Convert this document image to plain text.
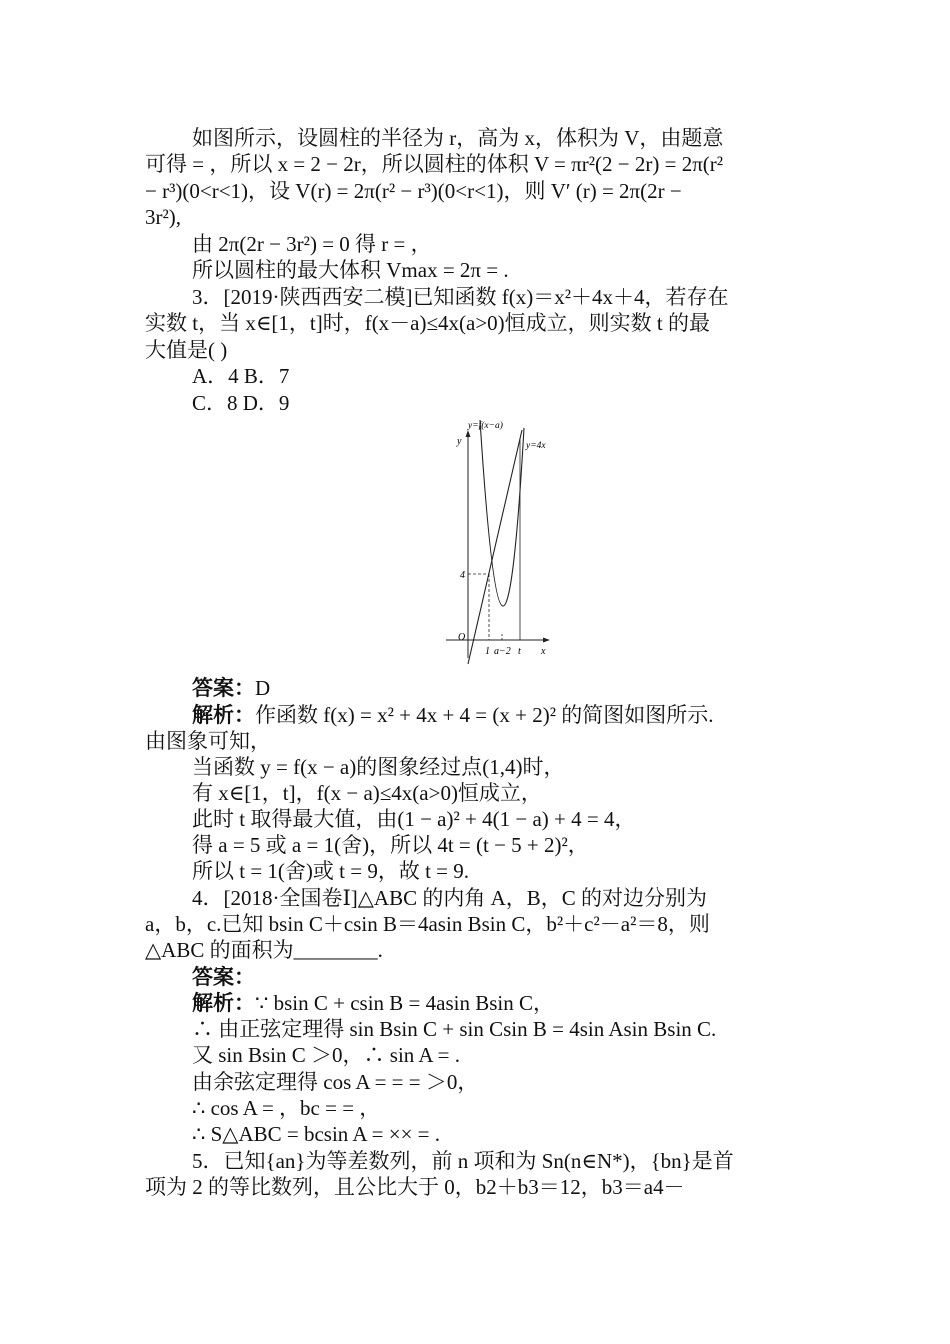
如图所示，设圆柱的半径为 r，高为 x，体积为 V，由题意
可得 = ，所以 x = 2 − 2r，所以圆柱的体积 V = πr²(2 − 2r) = 2π(r²
− r³)(0<r<1)，设 V(r) = 2π(r² − r³)(0<r<1)，则 V′ (r) = 2π(2r −
3r²),
由 2π(2r − 3r²) = 0 得 r = ，
所以圆柱的最大体积 Vmax = 2π = .
3．[2019·陕西西安二模]已知函数 f(x)＝x²＋4x＋4，若存在
实数 t，当 x∈[1，t]时，f(x－a)≤4x(a>0)恒成立，则实数 t 的最
大值是( )
A．4 B．7
C．8 D．9
y=f(x−a)
y=4x
y
x
O
4
1 a−2 t
答案：D
解析：作函数 f(x) = x² + 4x + 4 = (x + 2)² 的简图如图所示.
由图象可知，
当函数 y = f(x − a)的图象经过点(1,4)时，
有 x∈[1，t]，f(x − a)≤4x(a>0)恒成立，
此时 t 取得最大值，由(1 − a)² + 4(1 − a) + 4 = 4，
得 a = 5 或 a = 1(舍)，所以 4t = (t − 5 + 2)²，
所以 t = 1(舍)或 t = 9，故 t = 9.
4．[2018·全国卷Ⅰ]△ABC 的内角 A，B，C 的对边分别为
a，b，c.已知 bsin C＋csin B＝4asin Bsin C，b²＋c²－a²＝8，则
△ABC 的面积为________.
答案：
解析：∵ bsin C + csin B = 4asin Bsin C，
∴ 由正弦定理得 sin Bsin C + sin Csin B = 4sin Asin Bsin C.
又 sin Bsin C ＞0，∴ sin A = .
由余弦定理得 cos A = = = ＞0，
∴ cos A = ，bc = = ，
∴ S△ABC = bcsin A = ×× = .
5．已知{an}为等差数列，前 n 项和为 Sn(n∈N*)，{bn}是首
项为 2 的等比数列，且公比大于 0，b2＋b3＝12，b3＝a4－
